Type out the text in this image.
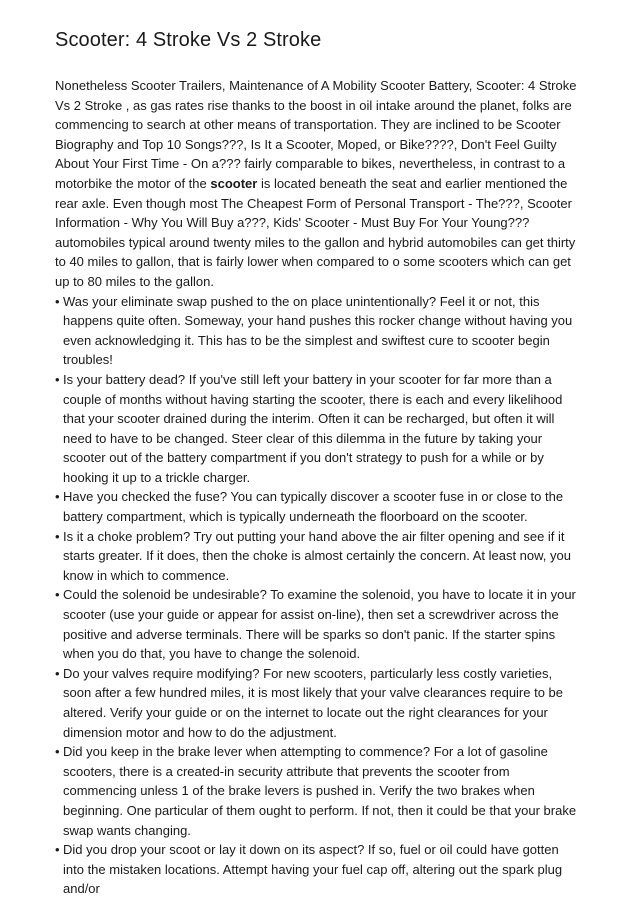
Scooter: 4 Stroke Vs 2 Stroke

Nonetheless Scooter Trailers, Maintenance of A Mobility Scooter Battery, Scooter: 4 Stroke Vs 2 Stroke , as gas rates rise thanks to the boost in oil intake around the planet, folks are commencing to search at other means of transportation. They are inclined to be Scooter Biography and Top 10 Songs???, Is It a Scooter, Moped, or Bike????, Don't Feel Guilty About Your First Time - On a??? fairly comparable to bikes, nevertheless, in contrast to a motorbike the motor of the scooter is located beneath the seat and earlier mentioned the rear axle. Even though most The Cheapest Form of Personal Transport - The???, Scooter Information - Why You Will Buy a???, Kids' Scooter - Must Buy For Your Young??? automobiles typical around twenty miles to the gallon and hybrid automobiles can get thirty to 40 miles to gallon, that is fairly lower when compared to o some scooters which can get up to 80 miles to the gallon.

• Was your eliminate swap pushed to the on place unintentionally? Feel it or not, this happens quite often. Someway, your hand pushes this rocker change without having you even acknowledging it. This has to be the simplest and swiftest cure to scooter begin troubles!
• Is your battery dead? If you've still left your battery in your scooter for far more than a couple of months without having starting the scooter, there is each and every likelihood that your scooter drained during the interim. Often it can be recharged, but often it will need to have to be changed. Steer clear of this dilemma in the future by taking your scooter out of the battery compartment if you don't strategy to push for a while or by hooking it up to a trickle charger.
• Have you checked the fuse? You can typically discover a scooter fuse in or close to the battery compartment, which is typically underneath the floorboard on the scooter.
• Is it a choke problem? Try out putting your hand above the air filter opening and see if it starts greater. If it does, then the choke is almost certainly the concern. At least now, you know in which to commence.
• Could the solenoid be undesirable? To examine the solenoid, you have to locate it in your scooter (use your guide or appear for assist on-line), then set a screwdriver across the positive and adverse terminals. There will be sparks so don't panic. If the starter spins when you do that, you have to change the solenoid.
• Do your valves require modifying? For new scooters, particularly less costly varieties, soon after a few hundred miles, it is most likely that your valve clearances require to be altered. Verify your guide or on the internet to locate out the right clearances for your dimension motor and how to do the adjustment.
• Did you keep in the brake lever when attempting to commence? For a lot of gasoline scooters, there is a created-in security attribute that prevents the scooter from commencing unless 1 of the brake levers is pushed in. Verify the two brakes when beginning. One particular of them ought to perform. If not, then it could be that your brake swap wants changing.
• Did you drop your scoot or lay it down on its aspect? If so, fuel or oil could have gotten into the mistaken locations. Attempt having your fuel cap off, altering out the spark plug and/or
